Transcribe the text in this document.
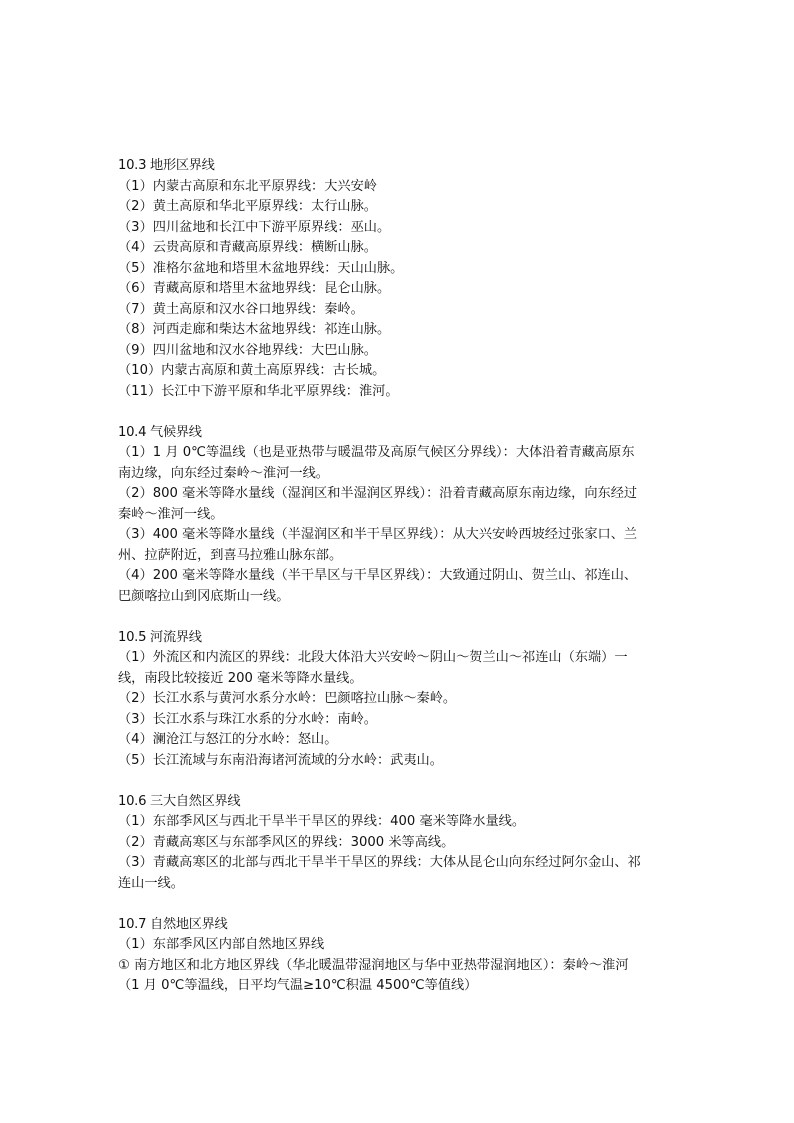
10.3 地形区界线
（1）内蒙古高原和东北平原界线：大兴安岭
（2）黄土高原和华北平原界线：太行山脉。
（3）四川盆地和长江中下游平原界线：巫山。
（4）云贵高原和青藏高原界线：横断山脉。
（5）准格尔盆地和塔里木盆地界线：天山山脉。
（6）青藏高原和塔里木盆地界线：昆仑山脉。
（7）黄土高原和汉水谷口地界线：秦岭。
（8）河西走廊和柴达木盆地界线：祁连山脉。
（9）四川盆地和汉水谷地界线：大巴山脉。
（10）内蒙古高原和黄土高原界线：古长城。
（11）长江中下游平原和华北平原界线：淮河。
10.4 气候界线
（1）1 月 0℃等温线（也是亚热带与暖温带及高原气候区分界线）：大体沿着青藏高原东
南边缘，向东经过秦岭～淮河一线。
（2）800 毫米等降水量线（湿润区和半湿润区界线）：沿着青藏高原东南边缘，向东经过
秦岭～淮河一线。
（3）400 毫米等降水量线（半湿润区和半干旱区界线）：从大兴安岭西坡经过张家口、兰
州、拉萨附近，到喜马拉雅山脉东部。
（4）200 毫米等降水量线（半干旱区与干旱区界线）：大致通过阴山、贺兰山、祁连山、
巴颜喀拉山到冈底斯山一线。
10.5 河流界线
（1）外流区和内流区的界线：北段大体沿大兴安岭～阴山～贺兰山～祁连山（东端）一
线，南段比较接近 200 毫米等降水量线。
（2）长江水系与黄河水系分水岭：巴颜喀拉山脉～秦岭。
（3）长江水系与珠江水系的分水岭：南岭。
（4）澜沧江与怒江的分水岭：怒山。
（5）长江流域与东南沿海诸河流域的分水岭：武夷山。
10.6 三大自然区界线
（1）东部季风区与西北干旱半干旱区的界线：400 毫米等降水量线。
（2）青藏高寒区与东部季风区的界线：3000 米等高线。
（3）青藏高寒区的北部与西北干旱半干旱区的界线：大体从昆仑山向东经过阿尔金山、祁
连山一线。
10.7 自然地区界线
（1）东部季风区内部自然地区界线
① 南方地区和北方地区界线（华北暖温带湿润地区与华中亚热带湿润地区）：秦岭～淮河
（1 月 0℃等温线，日平均气温≥10℃积温 4500℃等值线）
